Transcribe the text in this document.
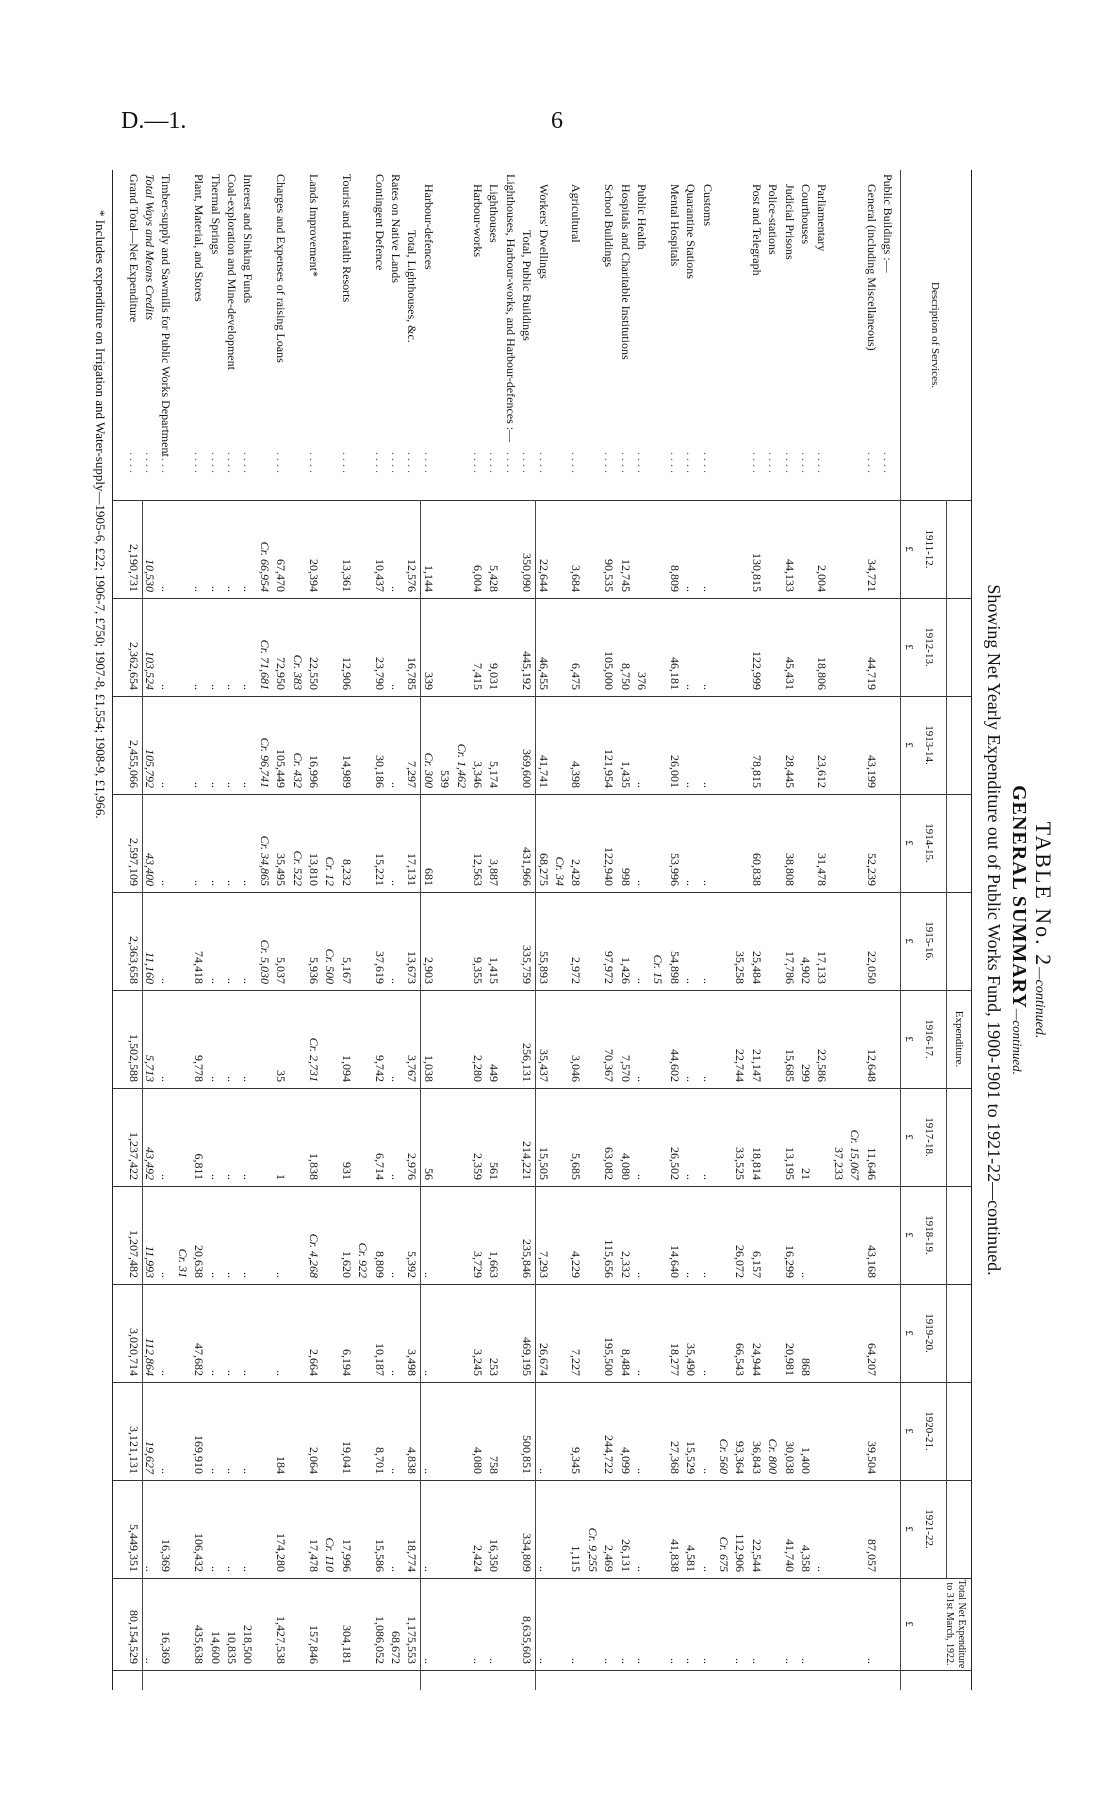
D.—1.	6
TABLE No. 2—continued.
GENERAL SUMMARY—continued.
Showing Net Yearly Expenditure out of Public Works Fund, 1900-1901 to 1921-22—continued.
Description of Services.
Expenditure.
1911-12.
1912-13.
1913-14.
1914-15.
1915-16.
1916-17.
1917-18.
1918-19.
1919-20.
1920-21.
1921-22.
Total Net Expenditure to 31st March, 1922.
£
£
£
£
£
£
£
£
£
£
£
£
Public Buildings :—
. . . .
General (including Miscellaneous)
. . . .
34,721
44,719
43,199
52,239
22,050
12,648
11,646
43,168
64,207
39,504
87,057
..
Cr. 15,067
37,233
Parliamentary
. . . .
2,004
18,806
23,612
31,478
17,133
22,586
..
Courthouses
. . . .
4,902
299
21
..
868
1,400
4,358
..
Judicial Prisons
. . . .
44,133
45,431
28,445
38,808
17,786
15,685
13,195
16,299
20,981
30,038
41,740
..
Police-stations
. . . .
Cr. 800
Post and Telegraph
. . . .
130,815
122,999
78,815
60,838
25,484
21,147
18,814
6,157
24,944
36,843
22,544
..
35,258
22,744
33,525
26,072
66,543
93,364
112,906
..
Cr. 560
Cr. 675
Customs
. . . .
..
..
..
..
..
..
..
..
..
..
..
..
Quarantine Stations
. . . .
..
..
..
..
..
..
..
..
35,490
15,529
4,581
..
Mental Hospitals
. . . .
8,809
46,181
26,001
53,996
54,898
44,602
26,502
14,640
18,277
27,368
41,838
..
Cr. 15
Public Health
. . . .
376
..
..
..
..
..
..
..
..
..
..
Hospitals and Charitable Institutions
. . . .
12,745
8,750
1,435
998
1,426
7,570
4,080
2,332
8,484
4,099
26,131
..
School Buildings
. . . .
90,535
105,000
121,954
122,940
97,972
70,367
63,082
115,656
195,500
244,722
2,469
..
Cr. 9,255
Agricultural
. . . .
3,684
6,475
4,398
2,428
2,972
3,046
5,685
4,229
7,227
9,345
1,115
..
Cr. 34
Workers' Dwellings
. . . .
22,644
46,455
41,741
68,275
55,893
35,437
15,505
7,293
26,674
..
..
..
Total, Public Buildings
. . . .
350,090
445,192
369,600
431,966
335,759
256,131
214,221
235,846
469,195
500,851
334,809
8,635,603
Lighthouses, Harbour-works, and Harbour-defences :—
. . . .
Lighthouses
. . . .
5,428
9,031
5,174
3,887
1,415
449
561
1,663
253
758
16,350
..
Harbour-works
. . . .
6,004
7,415
3,346
12,563
9,355
2,280
2,359
3,729
3,245
4,080
2,424
..
Cr. 1,462
539
Harbour-defences
. . . .
1,144
339
Cr. 300
681
2,903
1,038
56
..
..
..
..
..
Total, Lighthouses, &c.
. . . .
12,576
16,785
7,297
17,131
13,673
3,767
2,976
5,392
3,498
4,838
18,774
1,175,553
Rates on Native Lands
. . . .
..
..
..
..
..
..
..
..
..
..
..
68,672
Contingent Defence
. . . .
10,437
23,790
30,186
15,221
37,619
9,742
6,714
8,809
10,187
8,701
15,586
1,086,052
Cr. 922
Tourist and Health Resorts
. . . .
13,361
12,906
14,989
8,232
5,167
1,094
931
1,620
6,194
19,041
17,996
304,181
Cr. 12
Cr. 500
Cr. 110
Lands Improvement*
. . . .
20,394
22,550
16,996
13,810
5,936
Cr. 2,731
1,838
Cr. 4,268
2,664
2,064
17,478
157,846
Cr. 383
Cr. 432
Cr. 522
Charges and Expenses of raising Loans
. . . .
67,470
72,950
105,449
35,495
5,037
35
1
..
..
184
174,280
1,427,538
Cr. 66,954
Cr. 71,681
Cr. 96,741
Cr. 34,865
Cr. 5,030
Interest and Sinking Funds
. . . .
..
..
..
..
..
..
..
..
..
..
..
218,500
Coal-exploration and Mine-development
. . . .
..
..
..
..
..
..
..
..
..
..
..
10,835
Thermal Springs
. . . .
..
..
..
..
..
..
..
..
..
..
..
14,600
Plant, Material, and Stores
. . . .
..
..
..
..
74,418
9,778
6,811
20,638
47,682
169,910
106,432
435,638
Cr. 31
Timber-supply and Sawmills for Public Works Department
. . . .
..
..
..
..
..
..
..
..
..
..
16,369
16,369
Total Ways and Means Credits
. . . .
10,530
103,524
105,792
43,400
11,160
5,713
43,492
11,993
112,864
19,627
..
..
Grand Total—Net Expenditure
. . . .
2,190,731
2,362,654
2,455,066
2,597,109
2,363,658
1,502,588
1,237,422
1,207,482
3,020,714
3,121,131
5,449,351
80,154,529
* Includes expenditure on Irrigation and Water-supply—1905-6, £22; 1906-7, £750; 1907-8, £1,554; 1908-9, £1,966.
